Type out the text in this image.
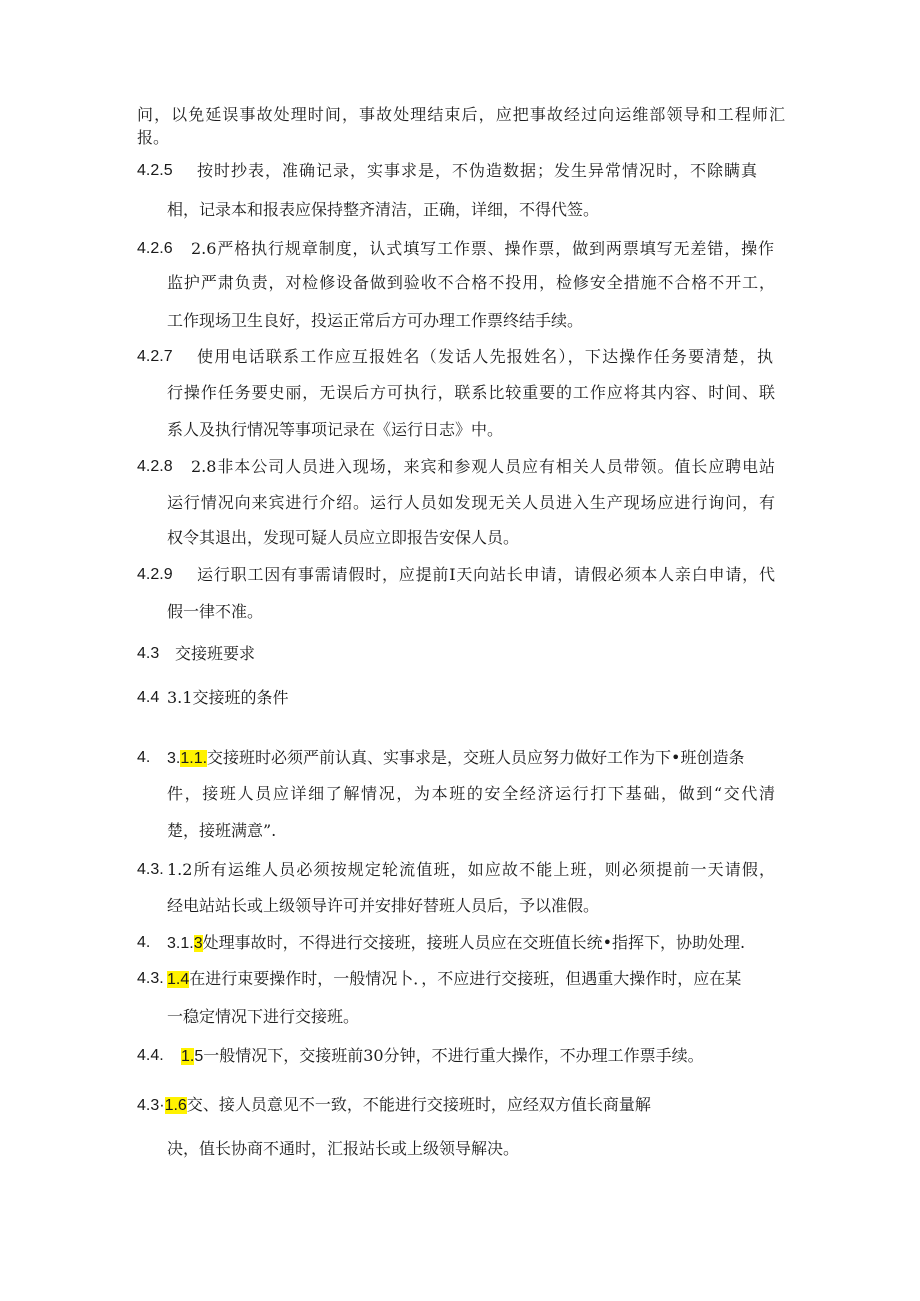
问，以免延误事故处理时间，事故处理结束后，应把事故经过向运维部领导和工程师汇
报。
4.2.5 按时抄表，准确记录，实事求是，不伪造数据；发生异常情况时，不除瞒真
相，记录本和报表应保持整齐清洁，正确，详细，不得代签。
4.2.6 2.6严格执行规章制度，认式填写工作票、操作票，做到两票填写无差错，操作
监护严肃负责，对检修设备做到验收不合格不投用，检修安全措施不合格不开工，
工作现场卫生良好，投运正常后方可办理工作票终结手续。
4.2.7 使用电话联系工作应互报姓名（发话人先报姓名），下达操作任务要清楚，执
行操作任务要史丽，无误后方可执行，联系比较重要的工作应将其内容、时间、联
系人及执行情况等事项记录在《运行日志》中。
4.2.8 2.8非本公司人员进入现场，来宾和参观人员应有相关人员带领。值长应聘电站
运行情况向来宾进行介绍。运行人员如发现无关人员进入生产现场应进行询问，有
权令其退出，发现可疑人员应立即报告安保人员。
4.2.9 运行职工因有事需请假时，应提前I天向站长申请，请假必须本人亲白申请，代
假一律不准。
4.3 交接班要求
4.4 3.1交接班的条件
4. 3.1.1.交接班时必须严前认真、实事求是，交班人员应努力做好工作为下•班创造条
件，接班人员应详细了解情况，为本班的安全经济运行打下基础，做到“交代清
楚，接班满意”.
4.3. 1.2所有运维人员必须按规定轮流值班，如应故不能上班，则必须提前一天请假，
经电站站长或上级领导许可并安排好替班人员后，予以准假。
4. 3.1.3处理事故时，不得进行交接班，接班人员应在交班值长统•指挥下，协助处理.
4.3. 1.4在进行束要操作时，一般情况卜．，不应进行交接班，但遇重大操作时，应在某
一稳定情况下进行交接班。
4.4. 1.5一般情况下，交接班前30分钟，不进行重大操作，不办理工作票手续。
4.3·1.6交、接人员意见不一致，不能进行交接班时，应经双方值长商量解
决，值长协商不通时，汇报站长或上级领导解决。
